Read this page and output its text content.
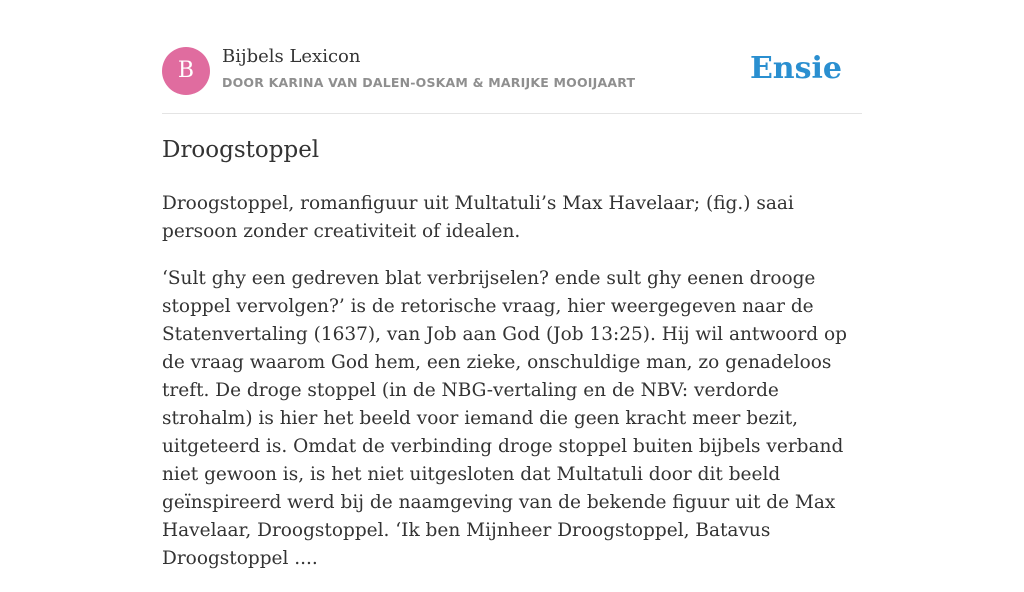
B
Bijbels Lexicon
DOOR KARINA VAN DALEN-OSKAM & MARIJKE MOOIJAART	Ensie
Droogstoppel

Droogstoppel, romanfiguur uit Multatuli’s Max Havelaar; (fig.) saai persoon zonder creativiteit of idealen.

‘Sult ghy een gedreven blat verbrijselen? ende sult ghy eenen drooge stoppel vervolgen?’ is de retorische vraag, hier weergegeven naar de Statenvertaling (1637), van Job aan God (Job 13:25). Hij wil antwoord op de vraag waarom God hem, een zieke, onschuldige man, zo genadeloos treft. De droge stoppel (in de NBG-vertaling en de NBV: verdorde strohalm) is hier het beeld voor iemand die geen kracht meer bezit, uitgeteerd is. Omdat de verbinding droge stoppel buiten bijbels verband niet gewoon is, is het niet uitgesloten dat Multatuli door dit beeld geïnspireerd werd bij de naamgeving van de bekende figuur uit de Max Havelaar, Droogstoppel. ‘Ik ben Mijnheer Droogstoppel, Batavus Droogstoppel ....
